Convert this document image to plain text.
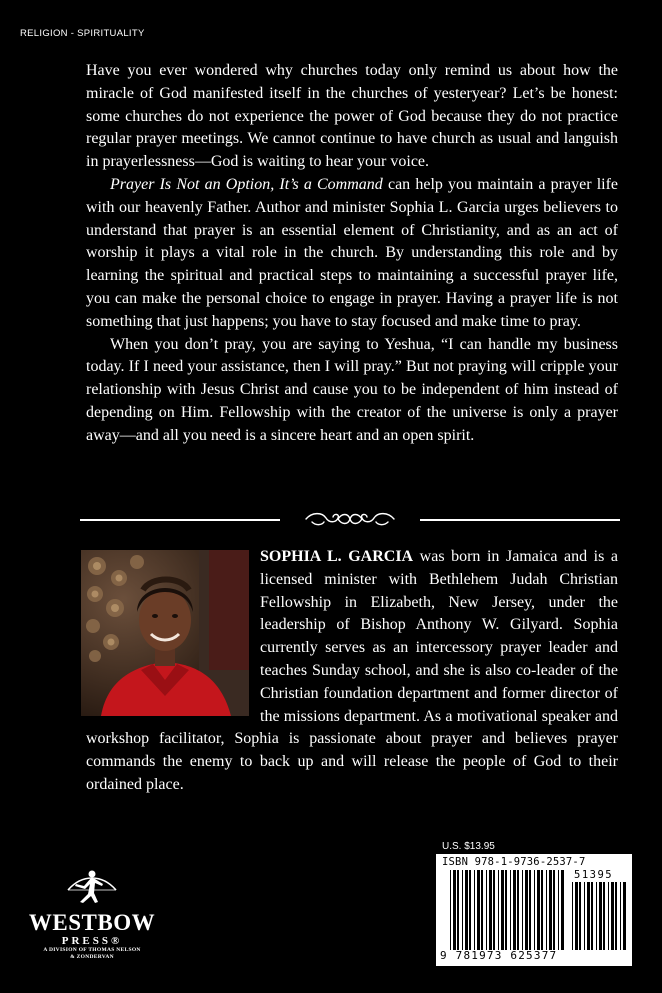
RELIGION - SPIRITUALITY

Have you ever wondered why churches today only remind us about how the miracle of God manifested itself in the churches of yesteryear? Let’s be honest: some churches do not experience the power of God because they do not practice regular prayer meetings. We cannot continue to have church as usual and languish in prayerlessness—God is waiting to hear your voice.

Prayer Is Not an Option, It’s a Command can help you maintain a prayer life with our heavenly Father. Author and minister Sophia L. Garcia urges believers to understand that prayer is an essential element of Christianity, and as an act of worship it plays a vital role in the church. By understanding this role and by learning the spiritual and practical steps to maintaining a successful prayer life, you can make the personal choice to engage in prayer. Having a prayer life is not something that just happens; you have to stay focused and make time to pray.

When you don’t pray, you are saying to Yeshua, “I can handle my business today. If I need your assistance, then I will pray.” But not praying will cripple your relationship with Jesus Christ and cause you to be independent of him instead of depending on Him. Fellowship with the creator of the universe is only a prayer away—and all you need is a sincere heart and an open spirit.

SOPHIA L. GARCIA was born in Jamaica and is a licensed minister with Bethlehem Judah Christian Fellowship in Elizabeth, New Jersey, under the leadership of Bishop Anthony W. Gilyard. Sophia currently serves as an intercessory prayer leader and teaches Sunday school, and she is also co-leader of the Christian foundation department and former director of the missions department. As a motivational speaker and workshop facilitator, Sophia is passionate about prayer and believes prayer commands the enemy to back up and will release the people of God to their ordained place.
WESTBOW
PRESS®
A DIVISION OF THOMAS NELSON
& ZONDERVAN
U.S. $13.95
ISBN 978-1-9736-2537-7
51395
9 781973 625377
